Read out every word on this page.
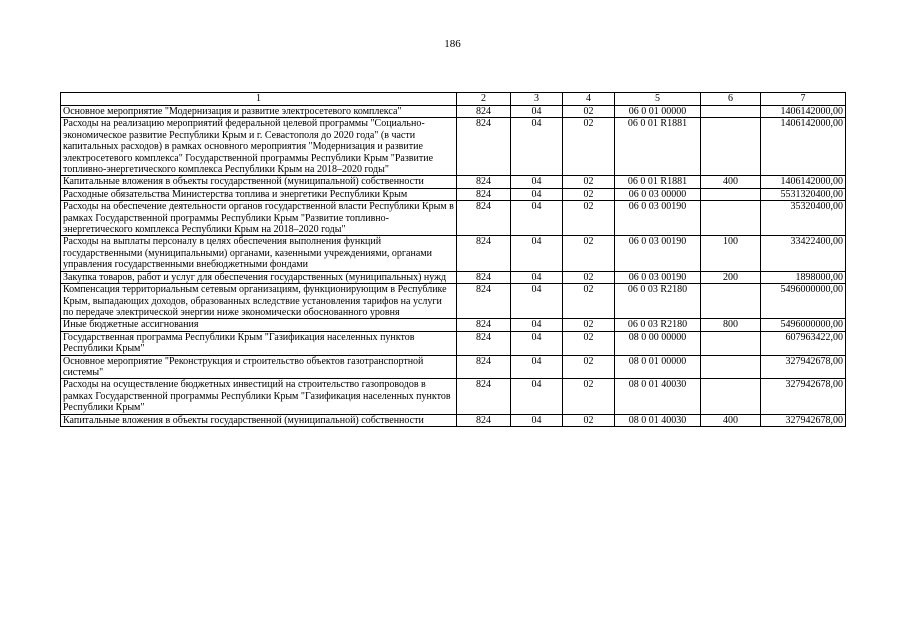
186
1	2	3	4	5	6	7
Основное мероприятие "Модернизация и развитие электросетевого комплекса"	824	04	02	06 0 01 00000		1406142000,00
Расходы на реализацию мероприятий федеральной целевой программы "Социально-экономическое развитие Республики Крым и г. Севастополя до 2020 года" (в части капитальных расходов) в рамках основного мероприятия "Модернизация и развитие электросетевого комплекса" Государственной программы Республики Крым "Развитие топливно-энергетического комплекса Республики Крым на 2018–2020 годы"	824	04	02	06 0 01 R1881		1406142000,00
Капитальные вложения в объекты государственной (муниципальной) собственности	824	04	02	06 0 01 R1881	400	1406142000,00
Расходные обязательства Министерства топлива и энергетики Республики Крым	824	04	02	06 0 03 00000		5531320400,00
Расходы на обеспечение деятельности органов государственной власти Республики Крым в рамках Государственной программы Республики Крым "Развитие топливно-энергетического комплекса Республики Крым на 2018–2020 годы"	824	04	02	06 0 03 00190		35320400,00
Расходы на выплаты персоналу в целях обеспечения выполнения функций государственными (муниципальными) органами, казенными учреждениями, органами управления государственными внебюджетными фондами	824	04	02	06 0 03 00190	100	33422400,00
Закупка товаров, работ и услуг для обеспечения государственных (муниципальных) нужд	824	04	02	06 0 03 00190	200	1898000,00
Компенсация территориальным сетевым организациям, функционирующим в Республике Крым, выпадающих доходов, образованных вследствие установления тарифов на услуги по передаче электрической энергии ниже экономически обоснованного уровня	824	04	02	06 0 03 R2180		5496000000,00
Иные бюджетные ассигнования	824	04	02	06 0 03 R2180	800	5496000000,00
Государственная программа Республики Крым "Газификация населенных пунктов Республики Крым"	824	04	02	08 0 00 00000		607963422,00
Основное мероприятие "Реконструкция и строительство объектов газотранспортной системы"	824	04	02	08 0 01 00000		327942678,00
Расходы на осуществление бюджетных инвестиций на строительство газопроводов в рамках Государственной программы Республики Крым "Газификация населенных пунктов Республики Крым"	824	04	02	08 0 01 40030		327942678,00
Капитальные вложения в объекты государственной (муниципальной) собственности	824	04	02	08 0 01 40030	400	327942678,00
